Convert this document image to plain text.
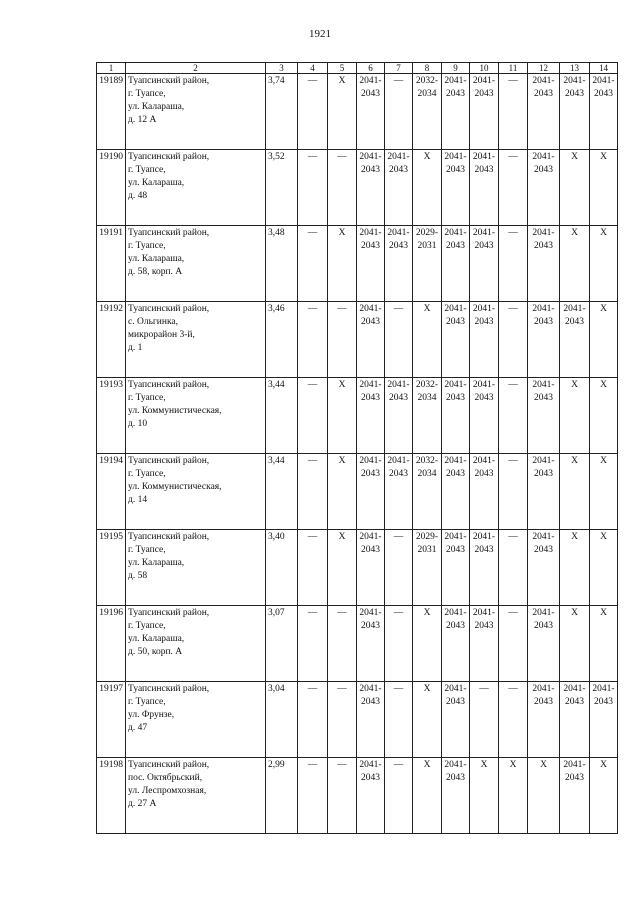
1921
1	2	3	4	5	6	7	8	9	10	11	12	13	14
19189	Туапсинский район,
г. Туапсе,
ул. Калараша,
д. 12 А	3,74	—	Х	2041-
2043	—	2032-
2034	2041-
2043	2041-
2043	—	2041-
2043	2041-
2043	2041-
2043
19190	Туапсинский район,
г. Туапсе,
ул. Калараша,
д. 48	3,52	—	—	2041-
2043	2041-
2043	Х	2041-
2043	2041-
2043	—	2041-
2043	Х	Х
19191	Туапсинский район,
г. Туапсе,
ул. Калараша,
д. 58, корп. А	3,48	—	Х	2041-
2043	2041-
2043	2029-
2031	2041-
2043	2041-
2043	—	2041-
2043	Х	Х
19192	Туапсинский район,
с. Ольгинка,
микрорайон 3-й,
д. 1	3,46	—	—	2041-
2043	—	Х	2041-
2043	2041-
2043	—	2041-
2043	2041-
2043	Х
19193	Туапсинский район,
г. Туапсе,
ул. Коммунистическая,
д. 10	3,44	—	Х	2041-
2043	2041-
2043	2032-
2034	2041-
2043	2041-
2043	—	2041-
2043	Х	Х
19194	Туапсинский район,
г. Туапсе,
ул. Коммунистическая,
д. 14	3,44	—	Х	2041-
2043	2041-
2043	2032-
2034	2041-
2043	2041-
2043	—	2041-
2043	Х	Х
19195	Туапсинский район,
г. Туапсе,
ул. Калараша,
д. 58	3,40	—	Х	2041-
2043	—	2029-
2031	2041-
2043	2041-
2043	—	2041-
2043	Х	Х
19196	Туапсинский район,
г. Туапсе,
ул. Калараша,
д. 50, корп. А	3,07	—	—	2041-
2043	—	Х	2041-
2043	2041-
2043	—	2041-
2043	Х	Х
19197	Туапсинский район,
г. Туапсе,
ул. Фрунзе,
д. 47	3,04	—	—	2041-
2043	—	Х	2041-
2043	—	—	2041-
2043	2041-
2043	2041-
2043
19198	Туапсинский район,
пос. Октябрьский,
ул. Леспромхозная,
д. 27 А	2,99	—	—	2041-
2043	—	Х	2041-
2043	Х	Х	Х	2041-
2043	Х
